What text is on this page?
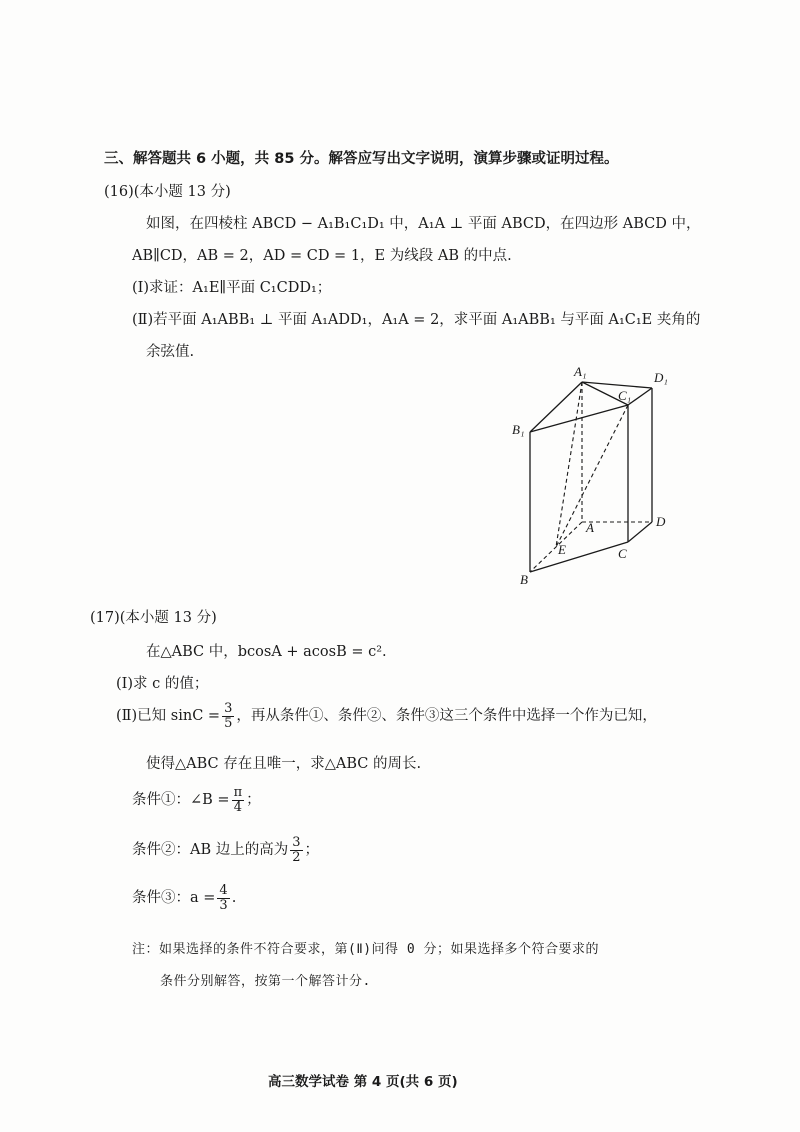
三、解答题共 6 小题，共 85 分。解答应写出文字说明，演算步骤或证明过程。
(16)(本小题 13 分)
如图，在四棱柱 ABCD − A₁B₁C₁D₁ 中，A₁A ⊥ 平面 ABCD，在四边形 ABCD 中，
AB∥CD，AB = 2，AD = CD = 1，E 为线段 AB 的中点.
(Ⅰ)求证：A₁E∥平面 C₁CDD₁；
(Ⅱ)若平面 A₁ABB₁ ⊥ 平面 A₁ADD₁，A₁A = 2，求平面 A₁ABB₁ 与平面 A₁C₁E 夹角的
余弦值.
A₁	D₁
C₁
B₁
A	D
E	C
B
(17)(本小题 13 分)
在△ABC 中，bcosA + acosB = c².
(Ⅰ)求 c 的值；
(Ⅱ)已知 $\sin C = \frac{3}{5}$ ，再从条件①、条件②、条件③这三个条件中选择一个作为已知，
使得△ABC 存在且唯一，求△ABC 的周长.
条件①：∠B = $\frac{\pi}{4}$ ；
条件②：AB 边上的高为 $\frac{3}{2}$ ；
条件③：$a = \frac{4}{3}$ .
注：如果选择的条件不符合要求，第(Ⅱ)问得 0 分；如果选择多个符合要求的
条件分别解答，按第一个解答计分.
高三数学试卷 第 4 页(共 6 页)
